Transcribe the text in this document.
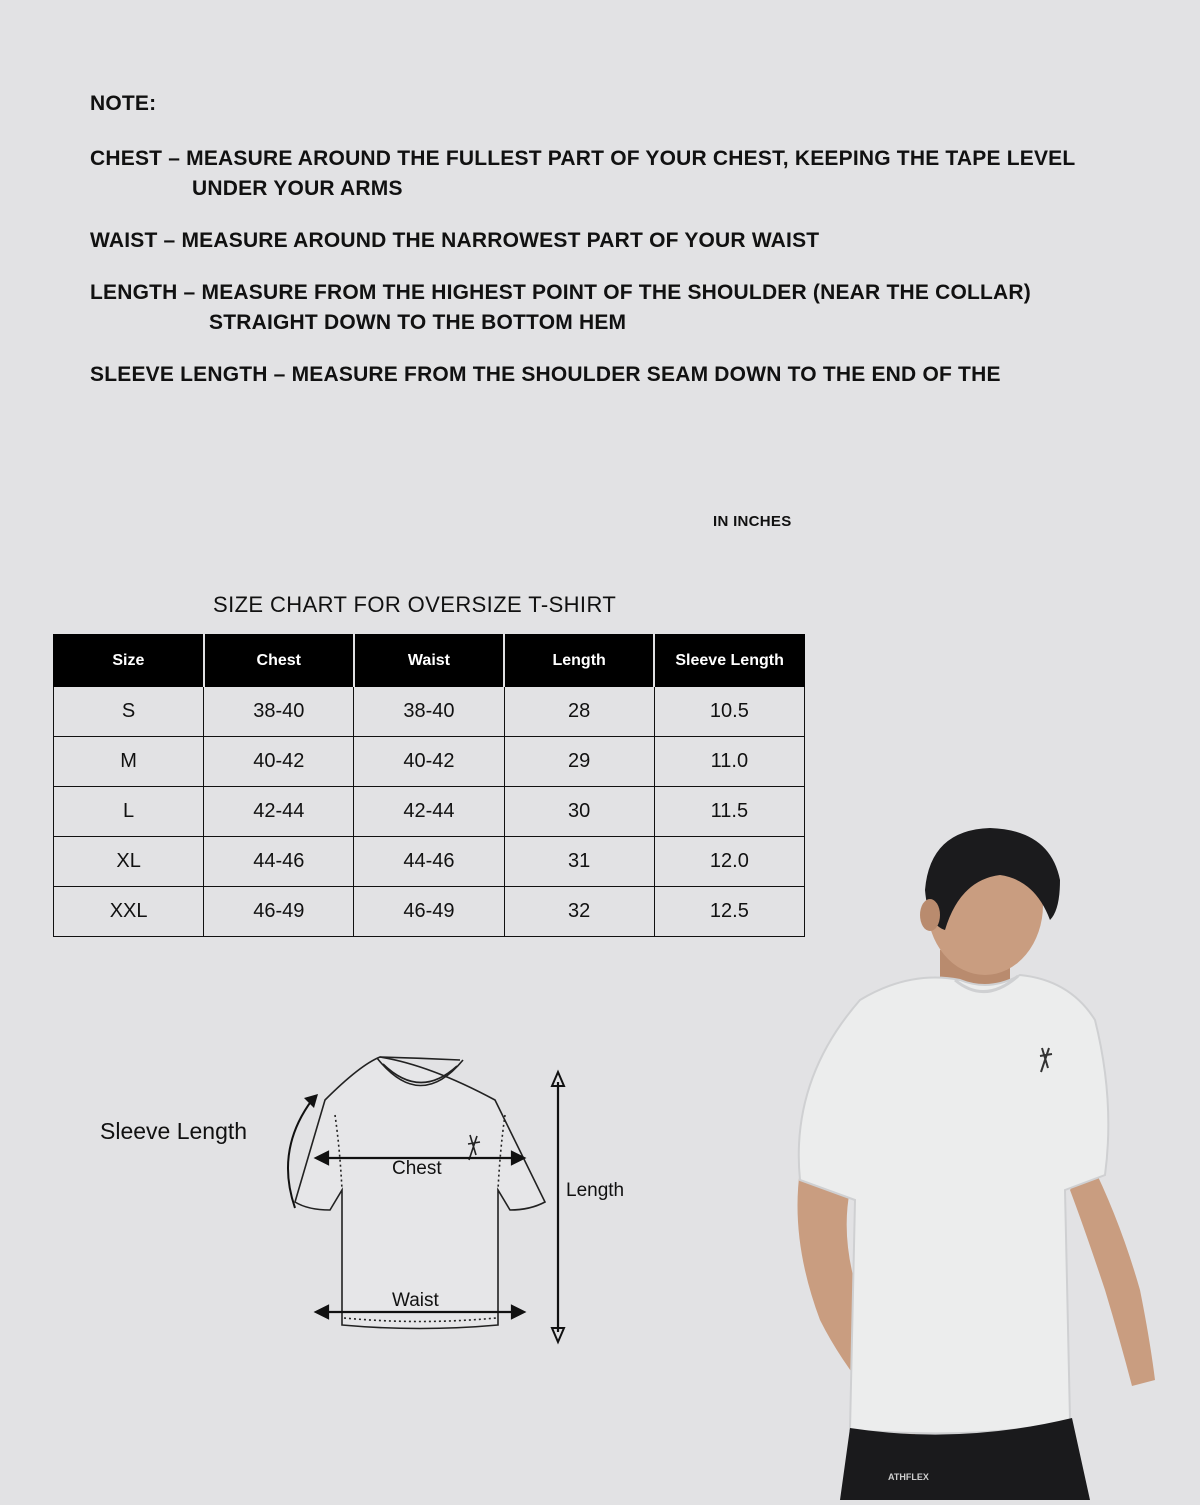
NOTE:
CHEST – MEASURE AROUND THE FULLEST PART OF YOUR CHEST, KEEPING THE TAPE LEVEL
UNDER YOUR ARMS
WAIST – MEASURE AROUND THE NARROWEST PART OF YOUR WAIST
LENGTH – MEASURE FROM THE HIGHEST POINT OF THE SHOULDER (NEAR THE COLLAR)
STRAIGHT DOWN TO THE BOTTOM HEM
SLEEVE LENGTH – MEASURE FROM THE SHOULDER SEAM DOWN TO THE END OF THE
IN INCHES
SIZE CHART FOR OVERSIZE T-SHIRT
Size	Chest	Waist	Length	Sleeve Length
S	38-40	38-40	28	10.5
M	40-42	40-42	29	11.0
L	42-44	42-44	30	11.5
XL	44-46	44-46	31	12.0
XXL	46-49	46-49	32	12.5
Sleeve Length
Chest
Waist
Length
ATHFLEX
